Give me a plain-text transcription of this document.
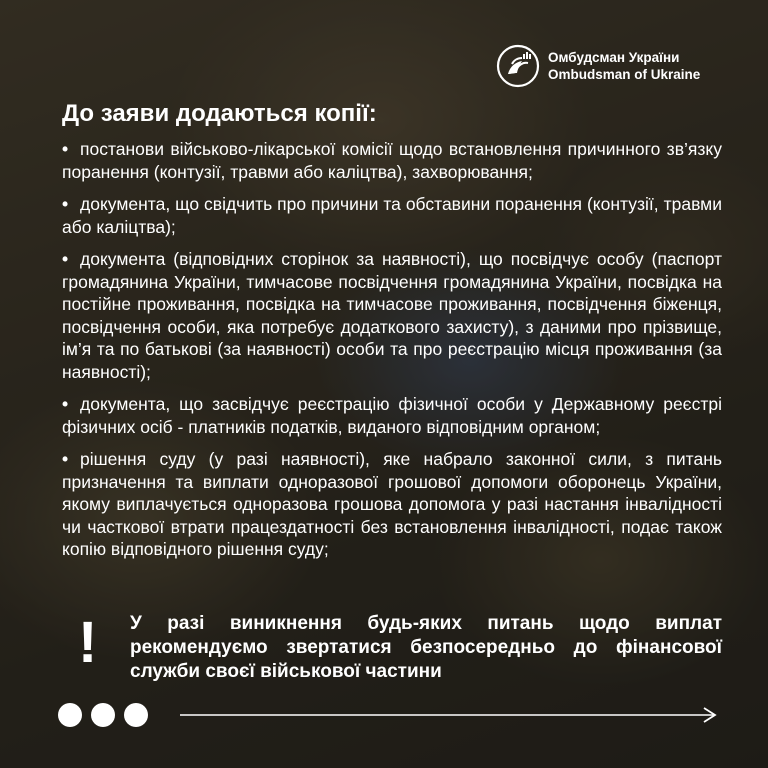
Омбудсман України
Ombudsman of Ukraine
До заяви додаються копії:

• постанови військово-лікарської комісії щодо встановлення причинного зв’язку поранення (контузії, травми або каліцтва), захворювання;

• документа, що свідчить про причини та обставини поранення (контузії, травми або каліцтва);

• документа (відповідних сторінок за наявності), що посвідчує особу (паспорт громадянина України, тимчасове посвідчення громадянина України, посвідка на постійне проживання, посвідка на тимчасове проживання, посвідчення біженця, посвідчення особи, яка потребує додаткового захисту), з даними про прізвище, ім’я та по батькові (за наявності) особи та про реєстрацію місця проживання (за наявності);

• документа, що засвідчує реєстрацію фізичної особи у Державному реєстрі фізичних осіб - платників податків, виданого відповідним органом;

• рішення суду (у разі наявності), яке набрало законної сили, з питань призначення та виплати одноразової грошової допомоги оборонець України, якому виплачується одноразова грошова допомога у разі настання інвалідності чи часткової втрати працездатності без встановлення інвалідності, подає також копію відповідного рішення суду;

! У разі виникнення будь-яких питань щодо виплат рекомендуємо звертатися безпосередньо до фінансової служби своєї військової частини
